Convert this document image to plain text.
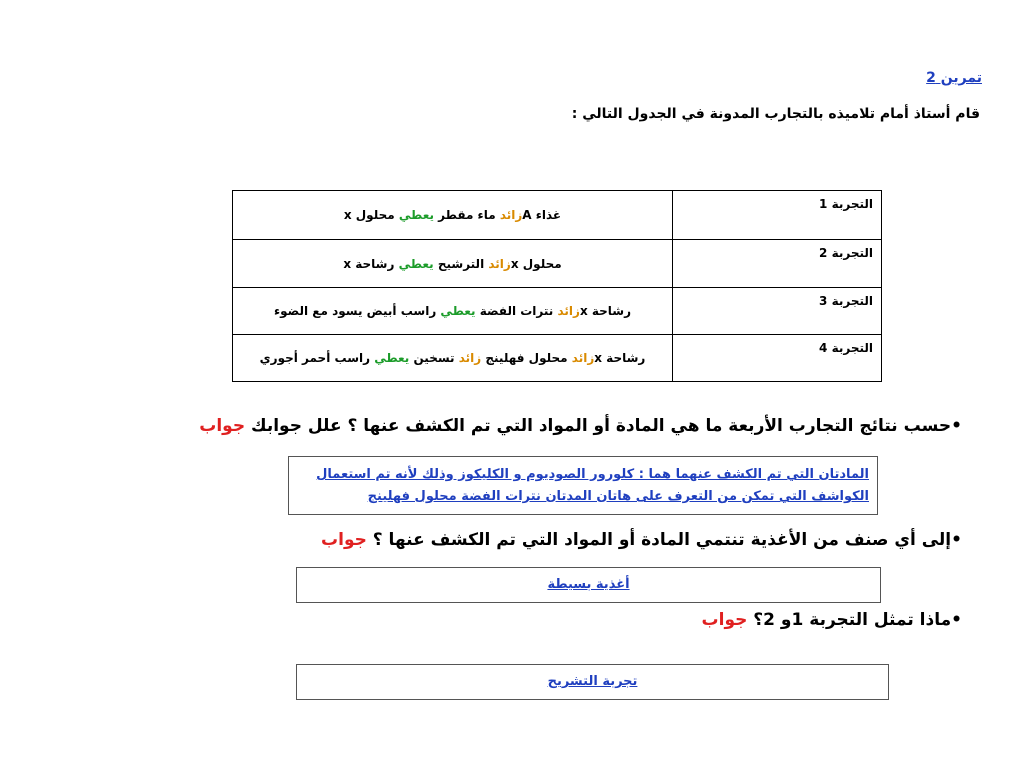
تمرين 2
قام أستاذ أمام تلاميذه بالتجارب المدونة في الجدول التالي :
التجربة 1	غذاء Aزائد ماء مقطر يعطي محلول x
التجربة 2	محلول xزائد الترشيح يعطي رشاحة x
التجربة 3	رشاحة xزائد نترات الفضة يعطي راسب أبيض يسود مع الضوء
التجربة 4	رشاحة xزائد محلول فهلينج زائد تسخين يعطي راسب أحمر أجوري
•حسب نتائج التجارب الأربعة ما هي المادة أو المواد التي تم الكشف عنها ؟ علل جوابك جواب
المادتان التي تم الكشف عنهما هما : كلورور الصوديوم و الكليكوز وذلك لأنه تم استعمال
الكواشف التي تمكن من التعرف على هاتان المدتان نترات الفضة محلول فهلينج
•إلى أي صنف من الأغذية تنتمي المادة أو المواد التي تم الكشف عنها ؟ جواب
أغذية بسيطة
•ماذا تمثل التجربة 1و 2؟ جواب
تجربة التشريح
